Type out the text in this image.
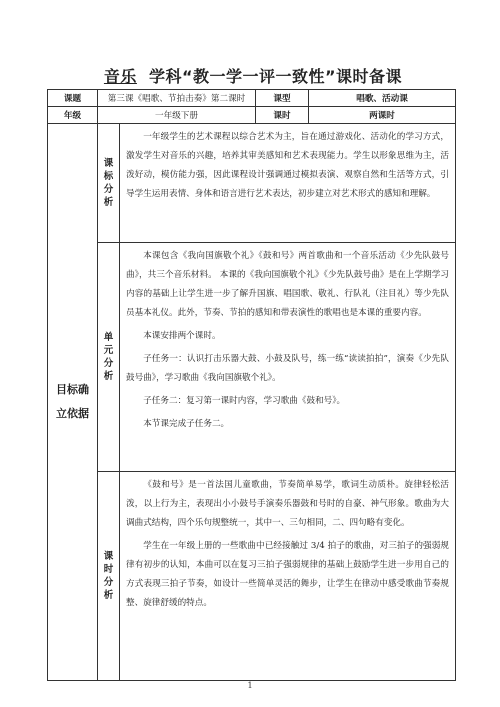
音乐 学科“教一学一评一致性”课时备课
课题	第三课《唱歌、节拍击奏》第二课时		课型	唱歌、活动课
年级	一年级下册		课时	两课时

目标确立依据	课标分析	一年级学生的艺术课程以综合艺术为主，旨在通过游戏化、活动化的学习方式，激发学生对音乐的兴趣，培养其审美感知和艺术表现能力。学生以形象思维为主，活泼好动，模仿能力强，因此课程设计强调通过模拟表演、观察自然和生活等方式，引导学生运用表情、身体和语言进行艺术表达，初步建立对艺术形式的感知和理解。		

	单元分析	本课包含《我向国旗敬个礼》《鼓和号》两首歌曲和一个音乐活动《少先队鼓号曲》，共三个音乐材料。 本课的《我向国旗敬个礼》《少先队鼓号曲》是在上学期学习内容的基础上让学生进一步了解升国旗、唱国歌、敬礼、行队礼（注目礼）等少先队员基本礼仪。此外，节奏、节拍的感知和带表演性的歌唱也是本课的重要内容。

本课安排两个课时。

子任务一：认识打击乐器大鼓、小鼓及队号，练一练“读读拍拍”，演奏《少先队鼓号曲》，学习歌曲《我向国旗敬个礼》。

子任务二：复习第一课时内容，学习歌曲《鼓和号》。

本节课完成子任务二。		

	课时分析	《鼓和号》是一首法国儿童歌曲，节奏简单易学，歌词生动质朴。旋律轻松活泼，以上行为主，表现出小小鼓号手演奏乐器鼓和号时的自豪、神气形象。歌曲为大调曲式结构，四个乐句规整统一，其中一、三句相同，二、四句略有变化。

学生在一年级上册的一些歌曲中已经接触过 3/4 拍子的歌曲，对三拍子的强弱规律有初步的认知，本曲可以在复习三拍子强弱规律的基础上鼓励学生进一步用自己的方式表现三拍子节奏，如设计一些简单灵活的舞步，让学生在律动中感受歌曲节奏规整、旋律舒缓的特点。		

1
